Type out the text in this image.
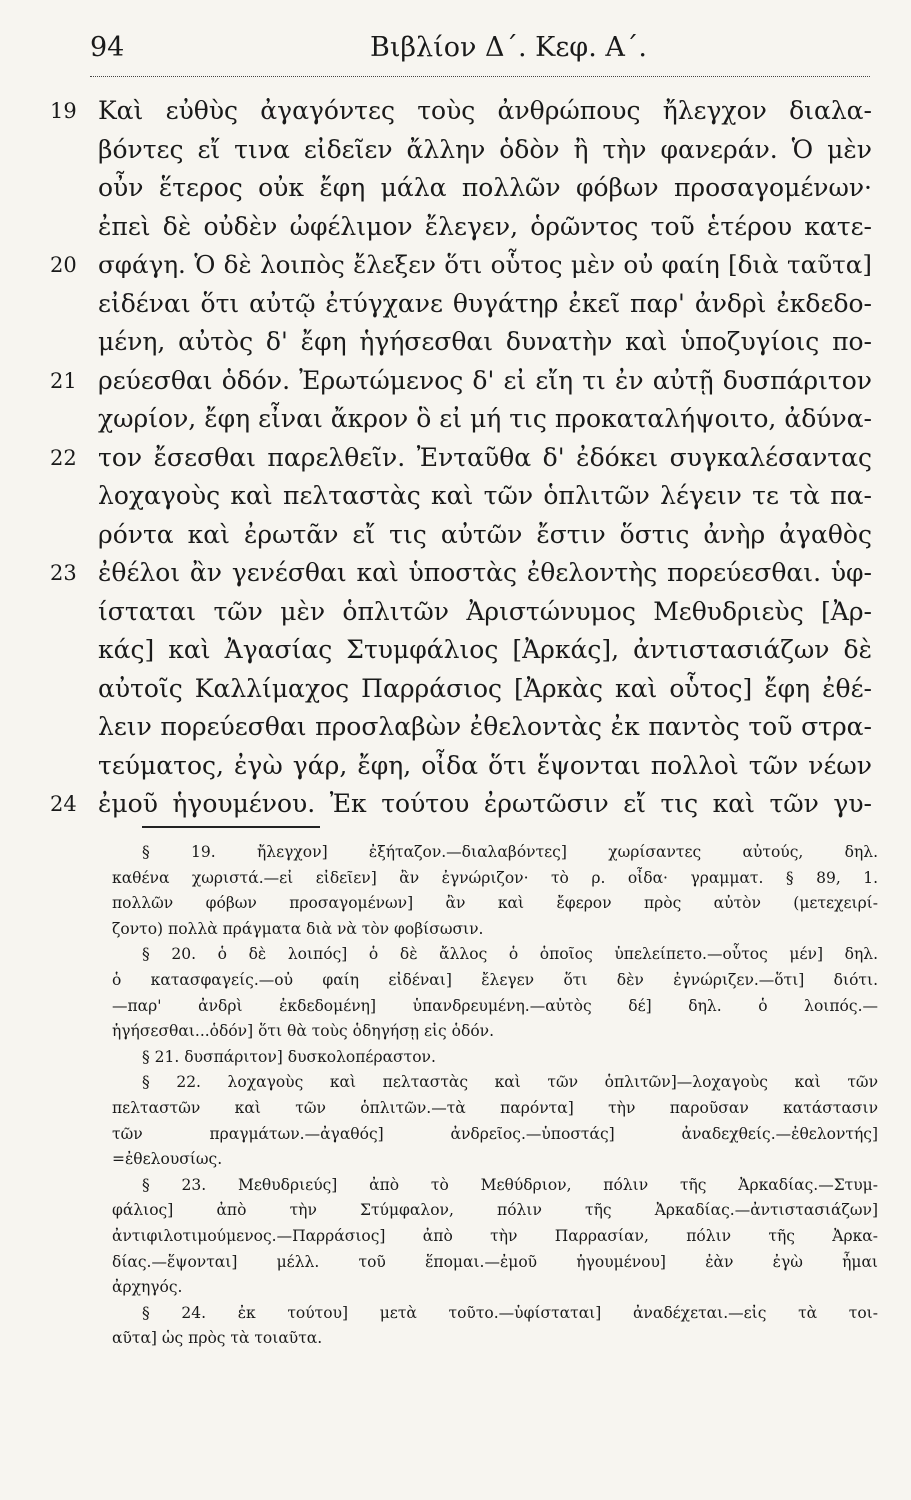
94	Βιβλίον Δ΄. Κεφ. Α΄.
19 Καὶ εὐθὺς ἀγαγόντες τοὺς ἀνθρώπους ἤλεγχον διαλα-
βόντες εἴ τινα εἰδεῖεν ἄλλην ὁδὸν ἢ τὴν φανεράν. Ὁ μὲν
οὖν ἕτερος οὐκ ἔφη μάλα πολλῶν φόβων προσαγομένων·
ἐπεὶ δὲ οὐδὲν ὠφέλιμον ἔλεγεν, ὁρῶντος τοῦ ἑτέρου κατε-
20 σφάγη. Ὁ δὲ λοιπὸς ἔλεξεν ὅτι οὗτος μὲν οὐ φαίη [διὰ ταῦτα]
εἰδέναι ὅτι αὐτῷ ἐτύγχανε θυγάτηρ ἐκεῖ παρ' ἀνδρὶ ἐκδεδο-
μένη, αὐτὸς δ' ἔφη ἡγήσεσθαι δυνατὴν καὶ ὑποζυγίοις πο-
21 ρεύεσθαι ὁδόν. Ἐρωτώμενος δ' εἰ εἴη τι ἐν αὐτῇ δυσπάριτον
χωρίον, ἔφη εἶναι ἄκρον ὃ εἰ μή τις προκαταλήψοιτο, ἀδύνα-
22 τον ἔσεσθαι παρελθεῖν. Ἐνταῦθα δ' ἐδόκει συγκαλέσαντας
λοχαγοὺς καὶ πελταστὰς καὶ τῶν ὁπλιτῶν λέγειν τε τὰ πα-
ρόντα καὶ ἐρωτᾶν εἴ τις αὐτῶν ἔστιν ὅστις ἀνὴρ ἀγαθὸς
23 ἐθέλοι ἂν γενέσθαι καὶ ὑποστὰς ἐθελοντὴς πορεύεσθαι. ὑφ-
ίσταται τῶν μὲν ὁπλιτῶν Ἀριστώνυμος Μεθυδριεὺς [Ἀρ-
κάς] καὶ Ἀγασίας Στυμφάλιος [Ἀρκάς], ἀντιστασιάζων δὲ
αὐτοῖς Καλλίμαχος Παρράσιος [Ἀρκὰς καὶ οὗτος] ἔφη ἐθέ-
λειν πορεύεσθαι προσλαβὼν ἐθελοντὰς ἐκ παντὸς τοῦ στρα-
τεύματος, ἐγὼ γάρ, ἔφη, οἶδα ὅτι ἕψονται πολλοὶ τῶν νέων
24 ἐμοῦ ἡγουμένου. Ἐκ τούτου ἐρωτῶσιν εἴ τις καὶ τῶν γυ-
§ 19. ἤλεγχον] ἐξήταζον.—διαλαβόντες] χωρίσαντες αὐτούς, δηλ.
καθένα χωριστά.—εἰ εἰδεῖεν] ἂν ἐγνώριζον· τὸ ρ. οἶδα· γραμματ. § 89, 1.
πολλῶν φόβων προσαγομένων] ἂν καὶ ἔφερον πρὸς αὐτὸν (μετεχειρί-
ζοντο) πολλὰ πράγματα διὰ νὰ τὸν φοβίσωσιν.
§ 20. ὁ δὲ λοιπός] ὁ δὲ ἄλλος ὁ ὁποῖος ὑπελείπετο.—οὗτος μέν] δηλ.
ὁ κατασφαγείς.—οὐ φαίη εἰδέναι] ἔλεγεν ὅτι δὲν ἐγνώριζεν.—ὅτι] διότι.
—παρ' ἀνδρὶ ἐκδεδομένη] ὑπανδρευμένη.—αὐτὸς δέ] δηλ. ὁ λοιπός.—
ἡγήσεσθαι...ὁδόν] ὅτι θὰ τοὺς ὁδηγήσῃ εἰς ὁδόν.
§ 21. δυσπάριτον] δυσκολοπέραστον.
§ 22. λοχαγοὺς καὶ πελταστὰς καὶ τῶν ὁπλιτῶν]—λοχαγοὺς καὶ τῶν
πελταστῶν καὶ τῶν ὁπλιτῶν.—τὰ παρόντα] τὴν παροῦσαν κατάστασιν
τῶν πραγμάτων.—ἀγαθός] ἀνδρεῖος.—ὑποστάς] ἀναδεχθείς.—ἐθελοντής]
=ἐθελουσίως.
§ 23. Μεθυδριεύς] ἀπὸ τὸ Μεθύδριον, πόλιν τῆς Ἀρκαδίας.—Στυμ-
φάλιος] ἀπὸ τὴν Στύμφαλον, πόλιν τῆς Ἀρκαδίας.—ἀντιστασιάζων]
ἀντιφιλοτιμούμενος.—Παρράσιος] ἀπὸ τὴν Παρρασίαν, πόλιν τῆς Ἀρκα-
δίας.—ἕψονται] μέλλ. τοῦ ἕπομαι.—ἐμοῦ ἡγουμένου] ἐὰν ἐγὼ ἦμαι
ἀρχηγός.
§ 24. ἐκ τούτου] μετὰ τοῦτο.—ὑφίσταται] ἀναδέχεται.—εἰς τὰ τοι-
αῦτα] ὡς πρὸς τὰ τοιαῦτα.
